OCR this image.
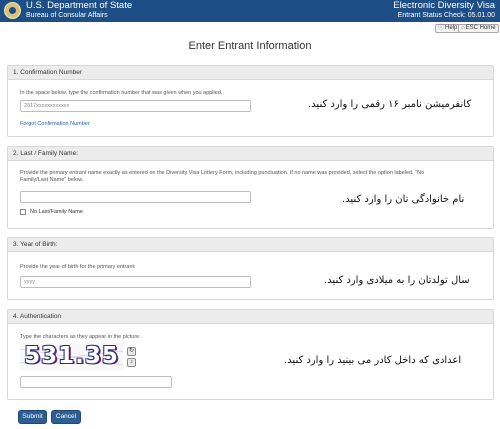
U.S. Department of State
Bureau of Consular Affairs
Electronic Diversity Visa
Entrant Status Check: 05.01.00
ⓘHelp ⌂ESC Home
Enter Entrant Information
1. Confirmation Number
In the space below, type the confirmation number that was given when you applied.
2017xxxxxxxxxxxx
Forgot Confirmation Number
کانفرمیشن نامبر ۱۶ رقمی را وارد کنید.
2. Last / Family Name:
Provide the primary entrant name exactly as entered on the Diversity Visa Lottery Form, including punctuation. If no name was provided, select the option labeled, "No
Family/Last Name" below.
No Last/Family Name
نام خانوادگی تان را وارد کنید.
3. Year of Birth:
Provide the year of birth for the primary entrant:
yyyy	سال تولدتان را به میلادی وارد کنید.
4. Authentication
Type the characters as they appear in the picture.
531.35	↻
♪	اعدادی که داخل کادر می بینید را وارد کنید.
Submit	Cancel
